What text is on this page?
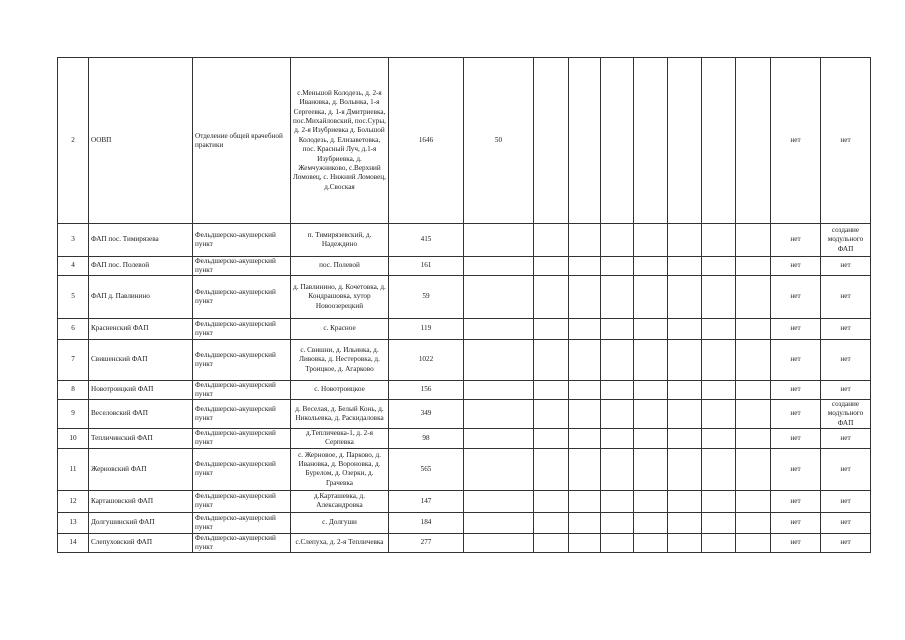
2	ООВП	Отделение общей врачебной практики	с.Меньшой Колодезь, д. 2-я Ивановка, д. Волынка, 1-я Сергеевка, д. 1-я Дмитриевка, пос.Михайловский, пос.Суры, д. 2-я Изубриевка д. Большой Колодезь, д. Елизаветовка, пос. Красный Луч, д.1-я Изубриевка, д. Жемчужниково, с.Верхний Ломовец, с. Нижний Ломовец, д.Своская	1646	50								нет	нет
3	ФАП пос. Тимирязева	Фельдшерско-акушерский пункт	п. Тимирязевский, д. Надеждино	415									нет	создание модульного ФАП
4	ФАП пос. Полевой	Фельдшерско-акушерский пункт	пос. Полевой	161									нет	нет
5	ФАП д. Павлинино	Фельдшерско-акушерский пункт	д. Павлинино, д. Кочетовка, д. Кондрашовка, хутор Новоозерецкий	59									нет	нет
6	Красненский ФАП	Фельдшерско-акушерский пункт	с. Красное	119									нет	нет
7	Свишенский ФАП	Фельдшерско-акушерский пункт	с. Свишни, д. Ильинка, д. Ливовка, д. Нестеровка, д. Троицкое, д. Агарково	1022									нет	нет
8	Новотроицкий ФАП	Фельдшерско-акушерский пункт	с. Новотроицкое	156									нет	нет
9	Веселовский ФАП	Фельдшерско-акушерский пункт	д. Веселая, д. Белый Конь, д. Никольевка, д. Раскидаловка	349									нет	создание модульного ФАП
10	Тепличинский ФАП	Фельдшерско-акушерский пункт	д.Тепличевка-1, д. 2-я Серпевка	98									нет	нет
11	Жерновский ФАП	Фельдшерско-акушерский пункт	с. Жерновое, д. Парково, д. Ивановка, д. Вороновка, д. Бурелом, д. Озерки, д. Грачевка	565									нет	нет
12	Карташовский ФАП	Фельдшерско-акушерский пункт	д.Карташевка, д. Александровка	147									нет	нет
13	Долгушинский ФАП	Фельдшерско-акушерский пункт	с. Долгуши	184									нет	нет
14	Слепуховский ФАП	Фельдшерско-акушерский пункт	с.Слепуха, д. 2-я Тепличевка	277									нет	нет
